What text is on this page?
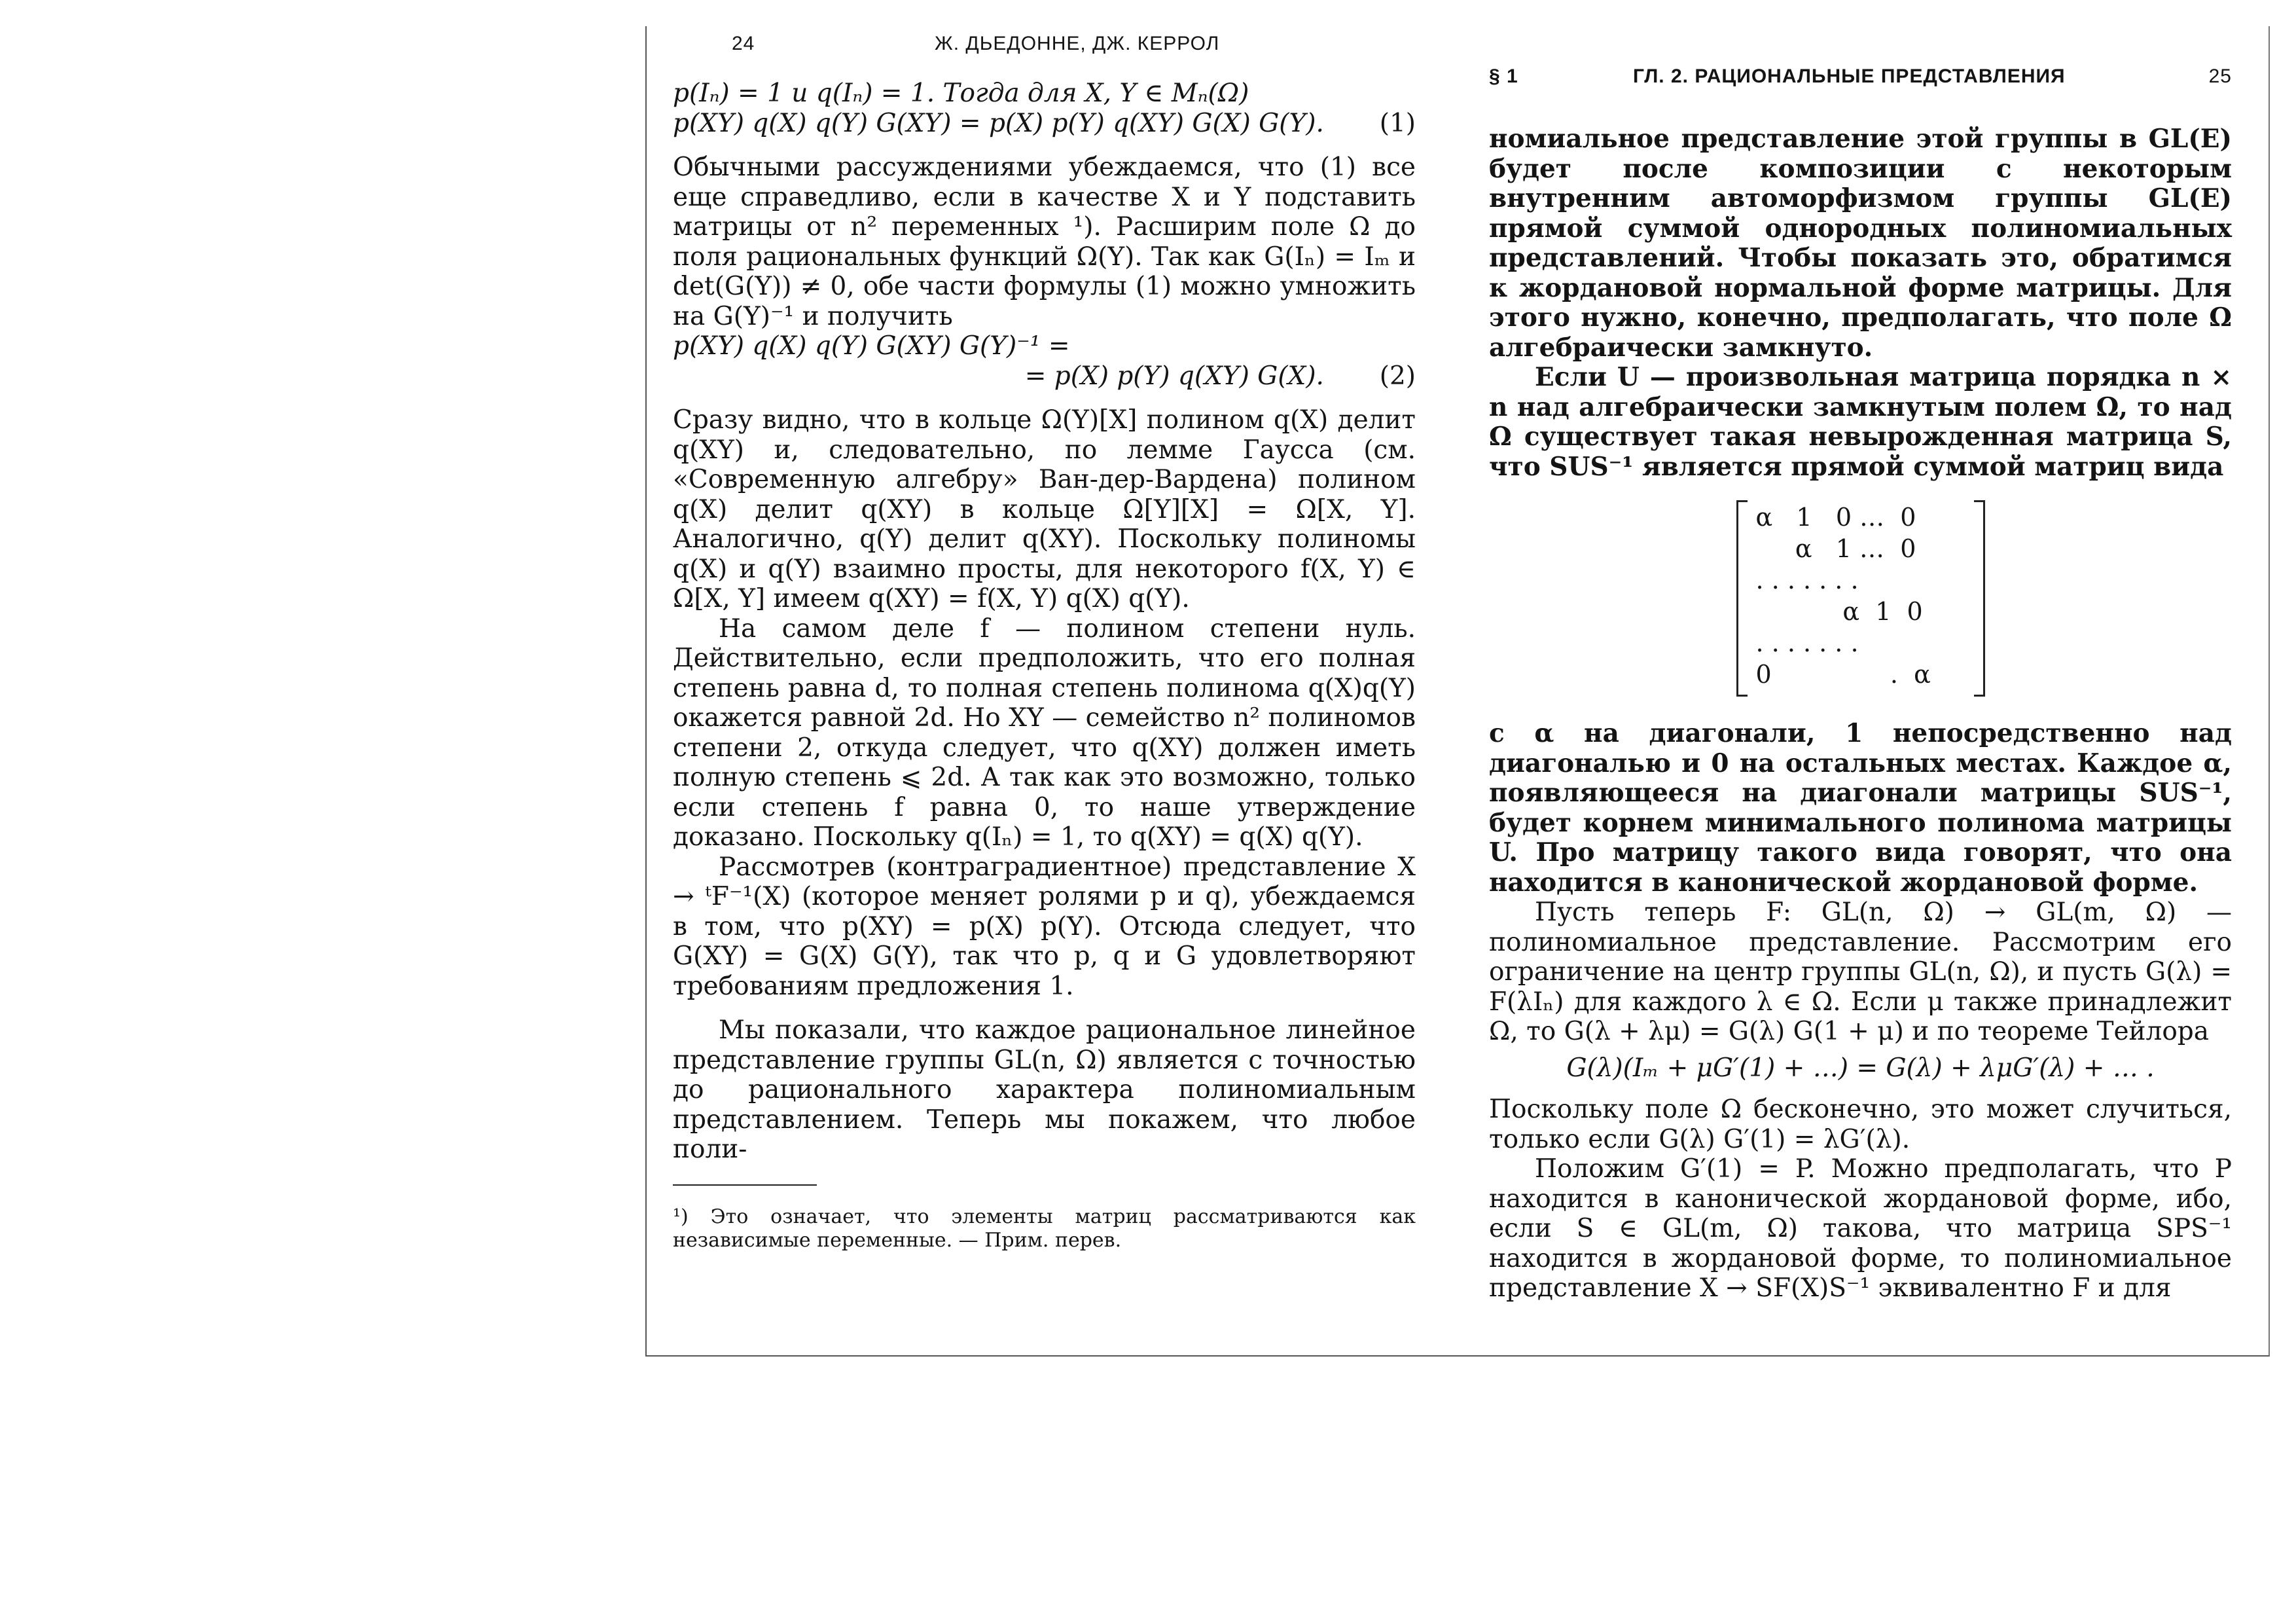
24	Ж. ДЬЕДОННЕ, ДЖ. КЕРРОЛ

p(Iₙ) = 1 и q(Iₙ) = 1. Тогда для X, Y ∈ Mₙ(Ω)

p(XY) q(X) q(Y) G(XY) = p(X) p(Y) q(XY) G(X) G(Y). (1)

Обычными рассуждениями убеждаемся, что (1) все еще справедливо, если в качестве X и Y подставить матрицы от n² переменных ¹). Расширим поле Ω до поля рациональных функций Ω(Y). Так как G(Iₙ) = Iₘ и det(G(Y)) ≠ 0, обе части формулы (1) можно умножить на G(Y)⁻¹ и получить

p(XY) q(X) q(Y) G(XY) G(Y)⁻¹ =

= p(X) p(Y) q(XY) G(X). (2)

Сразу видно, что в кольце Ω(Y)[X] полином q(X) делит q(XY) и, следовательно, по лемме Гаусса (см. «Современную алгебру» Ван-дер-Вардена) полином q(X) делит q(XY) в кольце Ω[Y][X] = Ω[X, Y]. Аналогично, q(Y) делит q(XY). Поскольку полиномы q(X) и q(Y) взаимно просты, для некоторого f(X, Y) ∈ Ω[X, Y] имеем q(XY) = f(X, Y) q(X) q(Y).

На самом деле f — полином степени нуль. Действительно, если предположить, что его полная степень равна d, то полная степень полинома q(X)q(Y) окажется равной 2d. Но XY — семейство n² полиномов степени 2, откуда следует, что q(XY) должен иметь полную степень ⩽ 2d. А так как это возможно, только если степень f равна 0, то наше утверждение доказано. Поскольку q(Iₙ) = 1, то q(XY) = q(X) q(Y).

Рассмотрев (контраградиентное) представление X → ᵗF⁻¹(X) (которое меняет ролями p и q), убеждаемся в том, что p(XY) = p(X) p(Y). Отсюда следует, что G(XY) = G(X) G(Y), так что p, q и G удовлетворяют требованиям предложения 1.

Мы показали, что каждое рациональное линейное представление группы GL(n, Ω) является с точностью до рационального характера полиномиальным представлением. Теперь мы покажем, что любое поли-

¹) Это означает, что элементы матриц рассматриваются как независимые переменные. — Прим. перев.

§ 1	ГЛ. 2. РАЦИОНАЛЬНЫЕ ПРЕДСТАВЛЕНИЯ	25

номиальное представление этой группы в GL(E) будет после композиции с некоторым внутренним автоморфизмом группы GL(E) прямой суммой однородных полиномиальных представлений. Чтобы показать это, обратимся к жордановой нормальной форме матрицы. Для этого нужно, конечно, предполагать, что поле Ω алгебраически замкнуто.

Если U — произвольная матрица порядка n × n над алгебраически замкнутым полем Ω, то над Ω существует такая невырожденная матрица S, что SUS⁻¹ является прямой суммой матриц вида

α   1   0 …  0
α   1 …  0
. . . . . . .
α  1  0
. . . . . . .
0               .  α

с α на диагонали, 1 непосредственно над диагональю и 0 на остальных местах. Каждое α, появляющееся на диагонали матрицы SUS⁻¹, будет корнем минимального полинома матрицы U. Про матрицу такого вида говорят, что она находится в канонической жордановой форме.

Пусть теперь F: GL(n, Ω) → GL(m, Ω) — полиномиальное представление. Рассмотрим его ограничение на центр группы GL(n, Ω), и пусть G(λ) = F(λIₙ) для каждого λ ∈ Ω. Если μ также принадлежит Ω, то G(λ + λμ) = G(λ) G(1 + μ) и по теореме Тейлора

G(λ)(Iₘ + μG′(1) + …) = G(λ) + λμG′(λ) + … .

Поскольку поле Ω бесконечно, это может случиться, только если G(λ) G′(1) = λG′(λ).

Положим G′(1) = P. Можно предполагать, что P находится в канонической жордановой форме, ибо, если S ∈ GL(m, Ω) такова, что матрица SPS⁻¹ находится в жордановой форме, то полиномиальное представление X → SF(X)S⁻¹ эквивалентно F и для
